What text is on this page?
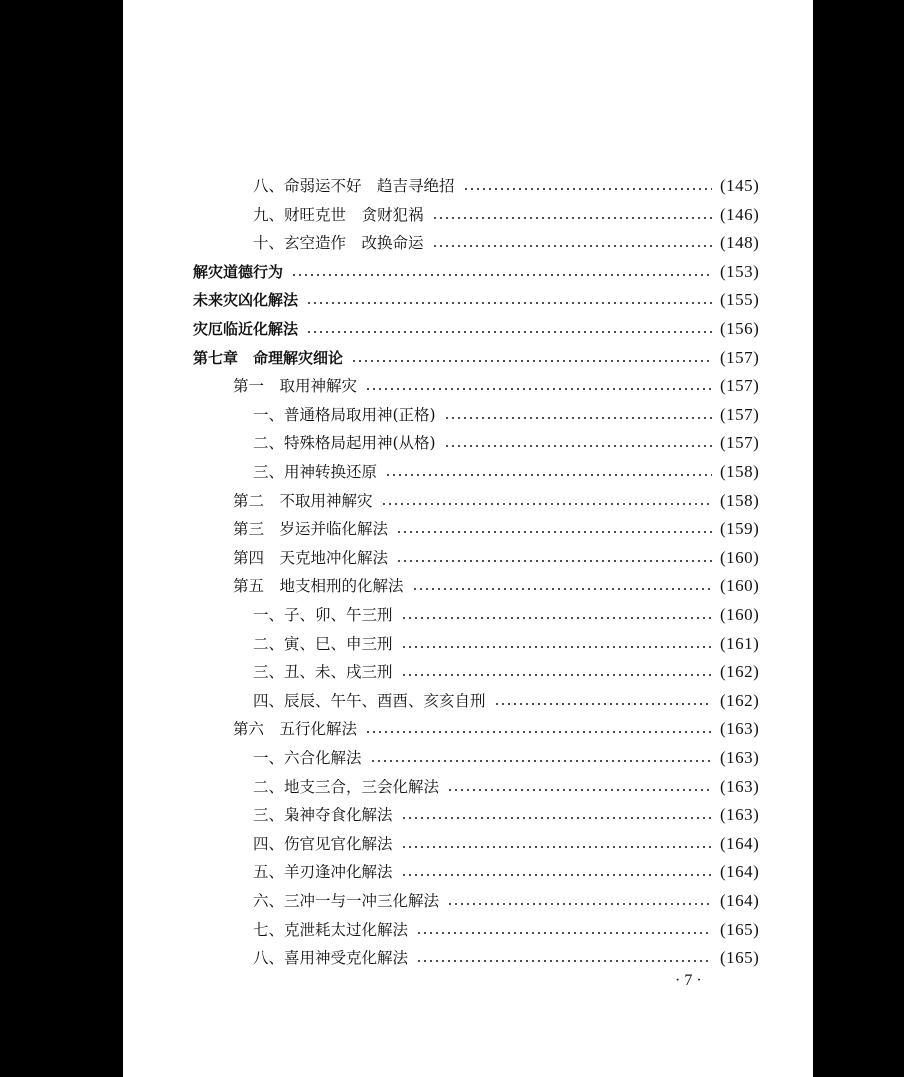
八、命弱运不好　趋吉寻绝招	(145)
九、财旺克世　贪财犯祸	(146)
十、玄空造作　改换命运	(148)
解灾道德行为	(153)
未来灾凶化解法	(155)
灾厄临近化解法	(156)
第七章　命理解灾细论	(157)
第一　取用神解灾	(157)
一、普通格局取用神(正格)	(157)
二、特殊格局起用神(从格)	(157)
三、用神转换还原	(158)
第二　不取用神解灾	(158)
第三　岁运并临化解法	(159)
第四　天克地冲化解法	(160)
第五　地支相刑的化解法	(160)
一、子、卯、午三刑	(160)
二、寅、巳、申三刑	(161)
三、丑、未、戌三刑	(162)
四、辰辰、午午、酉酉、亥亥自刑	(162)
第六　五行化解法	(163)
一、六合化解法	(163)
二、地支三合，三会化解法	(163)
三、枭神夺食化解法	(163)
四、伤官见官化解法	(164)
五、羊刃逢冲化解法	(164)
六、三冲一与一冲三化解法	(164)
七、克泄耗太过化解法	(165)
八、喜用神受克化解法	(165)
· 7 ·
